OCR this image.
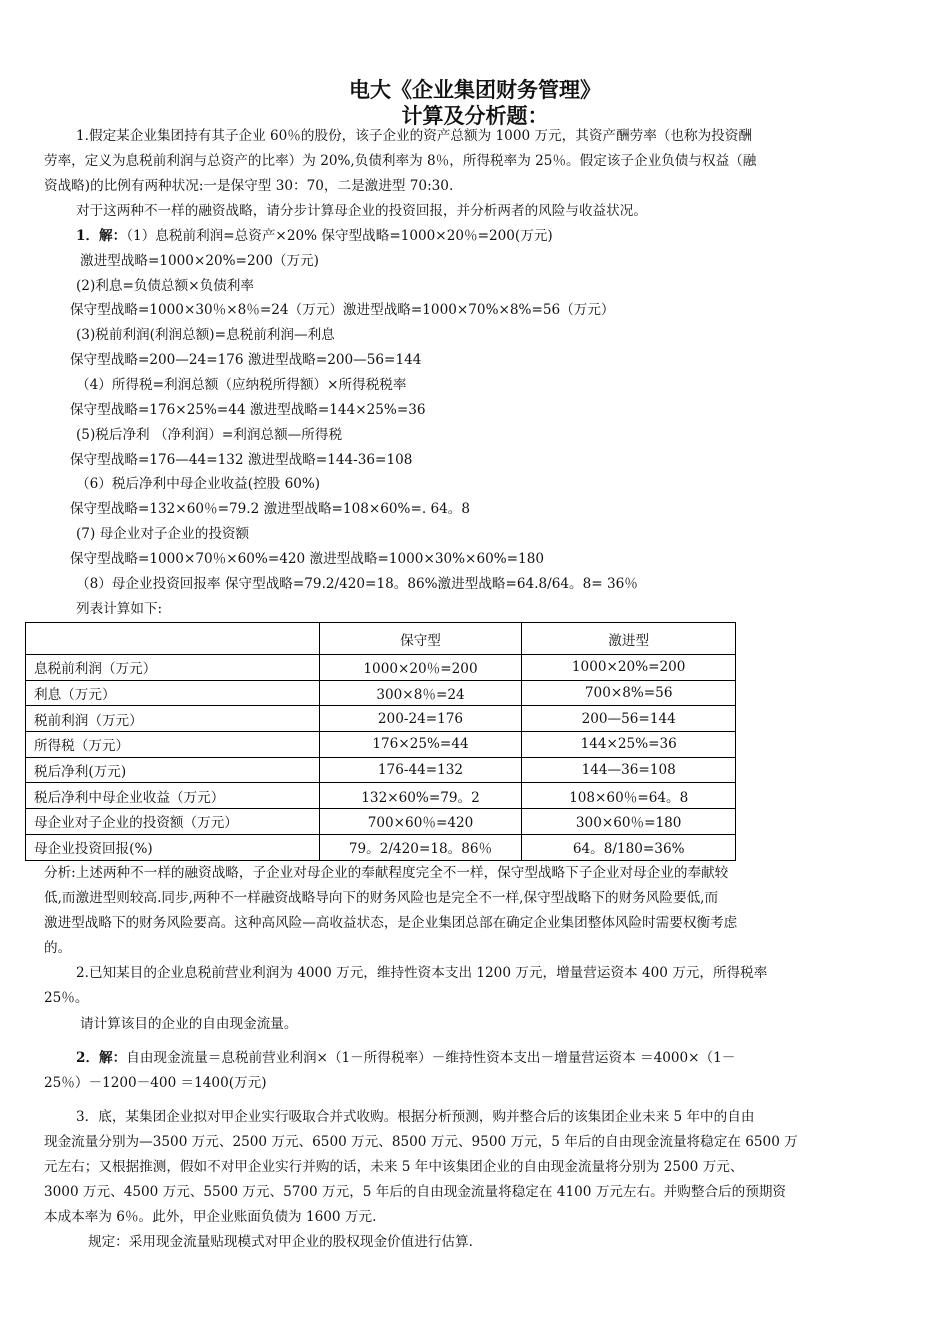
电大《企业集团财务管理》
计算及分析题：
1.假定某企业集团持有其子企业 60％的股份，该子企业的资产总额为 1000 万元，其资产酬劳率（也称为投资酬
劳率，定义为息税前利润与总资产的比率）为 20%,负债利率为 8％，所得税率为 25％。假定该子企业负债与权益（融
资战略)的比例有两种状况:一是保守型 30：70，二是激进型 70:30.
对于这两种不一样的融资战略，请分步计算母企业的投资回报，并分析两者的风险与收益状况。
1．解：（1）息税前利润=总资产×20% 保守型战略=1000×20％=200(万元)
激进型战略=1000×20%=200（万元)
(2)利息=负债总额×负债利率
保守型战略=1000×30％×8％=24（万元）激进型战略=1000×70%×8%=56（万元）
(3)税前利润(利润总额)=息税前利润—利息
保守型战略=200—24=176 激进型战略=200—56=144
（4）所得税=利润总额（应纳税所得额）×所得税税率
保守型战略=176×25%=44 激进型战略=144×25%=36
(5)税后净利 （净利润）=利润总额—所得税
保守型战略=176—44=132 激进型战略=144-36=108
（6）税后净利中母企业收益(控股 60%)
保守型战略=132×60％=79.2 激进型战略=108×60%=. 64。8
(7) 母企业对子企业的投资额
保守型战略=1000×70％×60%=420 激进型战略=1000×30%×60%=180
（8）母企业投资回报率 保守型战略=79.2/420=18。86%激进型战略=64.8/64。8= 36％
列表计算如下:
	保守型	激进型
息税前利润（万元）	1000×20％=200	1000×20%=200
利息（万元）	300×8％=24	700×8%=56
税前利润（万元）	200-24=176	200—56=144
所得税（万元）	176×25%=44	144×25%=36
税后净利(万元)	176-44=132	144—36=108
税后净利中母企业收益（万元）	132×60%=79。2	108×60％=64。8
母企业对子企业的投资额（万元）	700×60％=420	300×60％=180
母企业投资回报(%)	79。2/420=18。86％	64。8/180=36%
分析:上述两种不一样的融资战略，子企业对母企业的奉献程度完全不一样，保守型战略下子企业对母企业的奉献较
低,而激进型则较高.同步,两种不一样融资战略导向下的财务风险也是完全不一样,保守型战略下的财务风险要低,而
激进型战略下的财务风险要高。这种高风险—高收益状态，是企业集团总部在确定企业集团整体风险时需要权衡考虑
的。
2.已知某目的企业息税前营业利润为 4000 万元，维持性资本支出 1200 万元，增量营运资本 400 万元，所得税率
25％。
请计算该目的企业的自由现金流量。
2．解：自由现金流量＝息税前营业利润×（1－所得税率）－维持性资本支出－增量营运资本 ＝4000×（1－
25％）－1200－400 ＝1400(万元)
3．底，某集团企业拟对甲企业实行吸取合并式收购。根据分析预测，购并整合后的该集团企业未来 5 年中的自由
现金流量分别为—3500 万元、2500 万元、6500 万元、8500 万元、9500 万元，5 年后的自由现金流量将稳定在 6500 万
元左右；又根据推测，假如不对甲企业实行并购的话，未来 5 年中该集团企业的自由现金流量将分别为 2500 万元、
3000 万元、4500 万元、5500 万元、5700 万元，5 年后的自由现金流量将稳定在 4100 万元左右。并购整合后的预期资
本成本率为 6％。此外，甲企业账面负债为 1600 万元.
规定：采用现金流量贴现模式对甲企业的股权现金价值进行估算.
